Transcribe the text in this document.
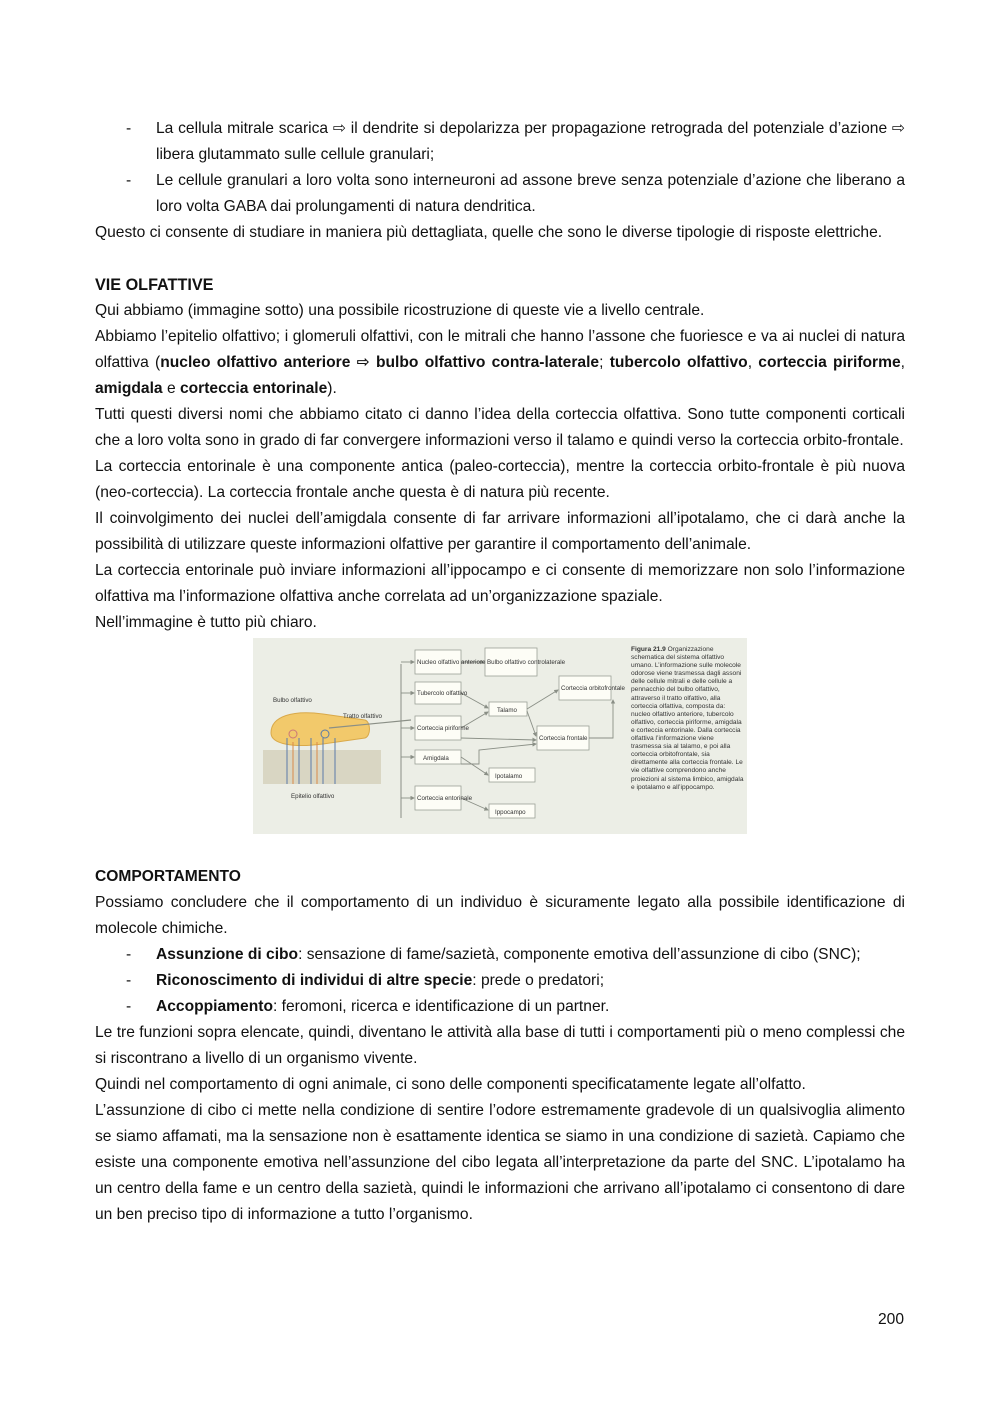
- La cellula mitrale scarica ⇨ il dendrite si depolarizza per propagazione retrograda del potenziale d’azione ⇨ libera glutammato sulle cellule granulari;
- Le cellule granulari a loro volta sono interneuroni ad assone breve senza potenziale d’azione che liberano a loro volta GABA dai prolungamenti di natura dendritica.

Questo ci consente di studiare in maniera più dettagliata, quelle che sono le diverse tipologie di risposte elettriche.

VIE OLFATTIVE

Qui abbiamo (immagine sotto) una possibile ricostruzione di queste vie a livello centrale.

Abbiamo l’epitelio olfattivo; i glomeruli olfattivi, con le mitrali che hanno l’assone che fuoriesce e va ai nuclei di natura olfattiva (nucleo olfattivo anteriore ⇨ bulbo olfattivo contra-laterale; tubercolo olfattivo, corteccia piriforme, amigdala e corteccia entorinale).

Tutti questi diversi nomi che abbiamo citato ci danno l’idea della corteccia olfattiva. Sono tutte componenti corticali che a loro volta sono in grado di far convergere informazioni verso il talamo e quindi verso la corteccia orbito-frontale.

La corteccia entorinale è una componente antica (paleo-corteccia), mentre la corteccia orbito-frontale è più nuova (neo-corteccia). La corteccia frontale anche questa è di natura più recente.

Il coinvolgimento dei nuclei dell’amigdala consente di far arrivare informazioni all’ipotalamo, che ci darà anche la possibilità di utilizzare queste informazioni olfattive per garantire il comportamento dell’animale.

La corteccia entorinale può inviare informazioni all’ippocampo e ci consente di memorizzare non solo l’informazione olfattiva ma l’informazione olfattiva anche correlata ad un’organizzazione spaziale.

Nell’immagine è tutto più chiaro.

Bulbo olfattivo
Tratto olfattivo
Epitelio olfattivo
Nucleo olfattivo anteriore Bulbo olfattivo controlaterale
Tubercolo olfattivo
Corteccia orbitofrontale
Talamo
Corteccia piriforme
Corteccia frontale
Amigdala
Ipotalamo
Corteccia entorinale
Ippocampo
Figura 21.9 Organizzazione schematica del sistema olfattivo umano. L’informazione sulle molecole odorose viene trasmessa dagli assoni delle cellule mitrali e delle cellule a pennacchio del bulbo olfattivo, attraverso il tratto olfattivo, alla corteccia olfattiva, composta da: nucleo olfattivo anteriore, tubercolo olfattivo, corteccia piriforme, amigdala e corteccia entorinale. Dalla corteccia olfattiva l’informazione viene trasmessa sia al talamo, e poi alla corteccia orbitofrontale, sia direttamente alla corteccia frontale. Le vie olfattive comprendono anche proiezioni al sistema limbico, amigdala e ipotalamo e all’ippocampo.
COMPORTAMENTO

Possiamo concludere che il comportamento di un individuo è sicuramente legato alla possibile identificazione di molecole chimiche.

- Assunzione di cibo: sensazione di fame/sazietà, componente emotiva dell’assunzione di cibo (SNC);
- Riconoscimento di individui di altre specie: prede o predatori;
- Accoppiamento: feromoni, ricerca e identificazione di un partner.

Le tre funzioni sopra elencate, quindi, diventano le attività alla base di tutti i comportamenti più o meno complessi che si riscontrano a livello di un organismo vivente.

Quindi nel comportamento di ogni animale, ci sono delle componenti specificatamente legate all’olfatto.

L’assunzione di cibo ci mette nella condizione di sentire l’odore estremamente gradevole di un qualsivoglia alimento se siamo affamati, ma la sensazione non è esattamente identica se siamo in una condizione di sazietà. Capiamo che esiste una componente emotiva nell’assunzione del cibo legata all’interpretazione da parte del SNC. L’ipotalamo ha un centro della fame e un centro della sazietà, quindi le informazioni che arrivano all’ipotalamo ci consentono di dare un ben preciso tipo di informazione a tutto l’organismo.

200
